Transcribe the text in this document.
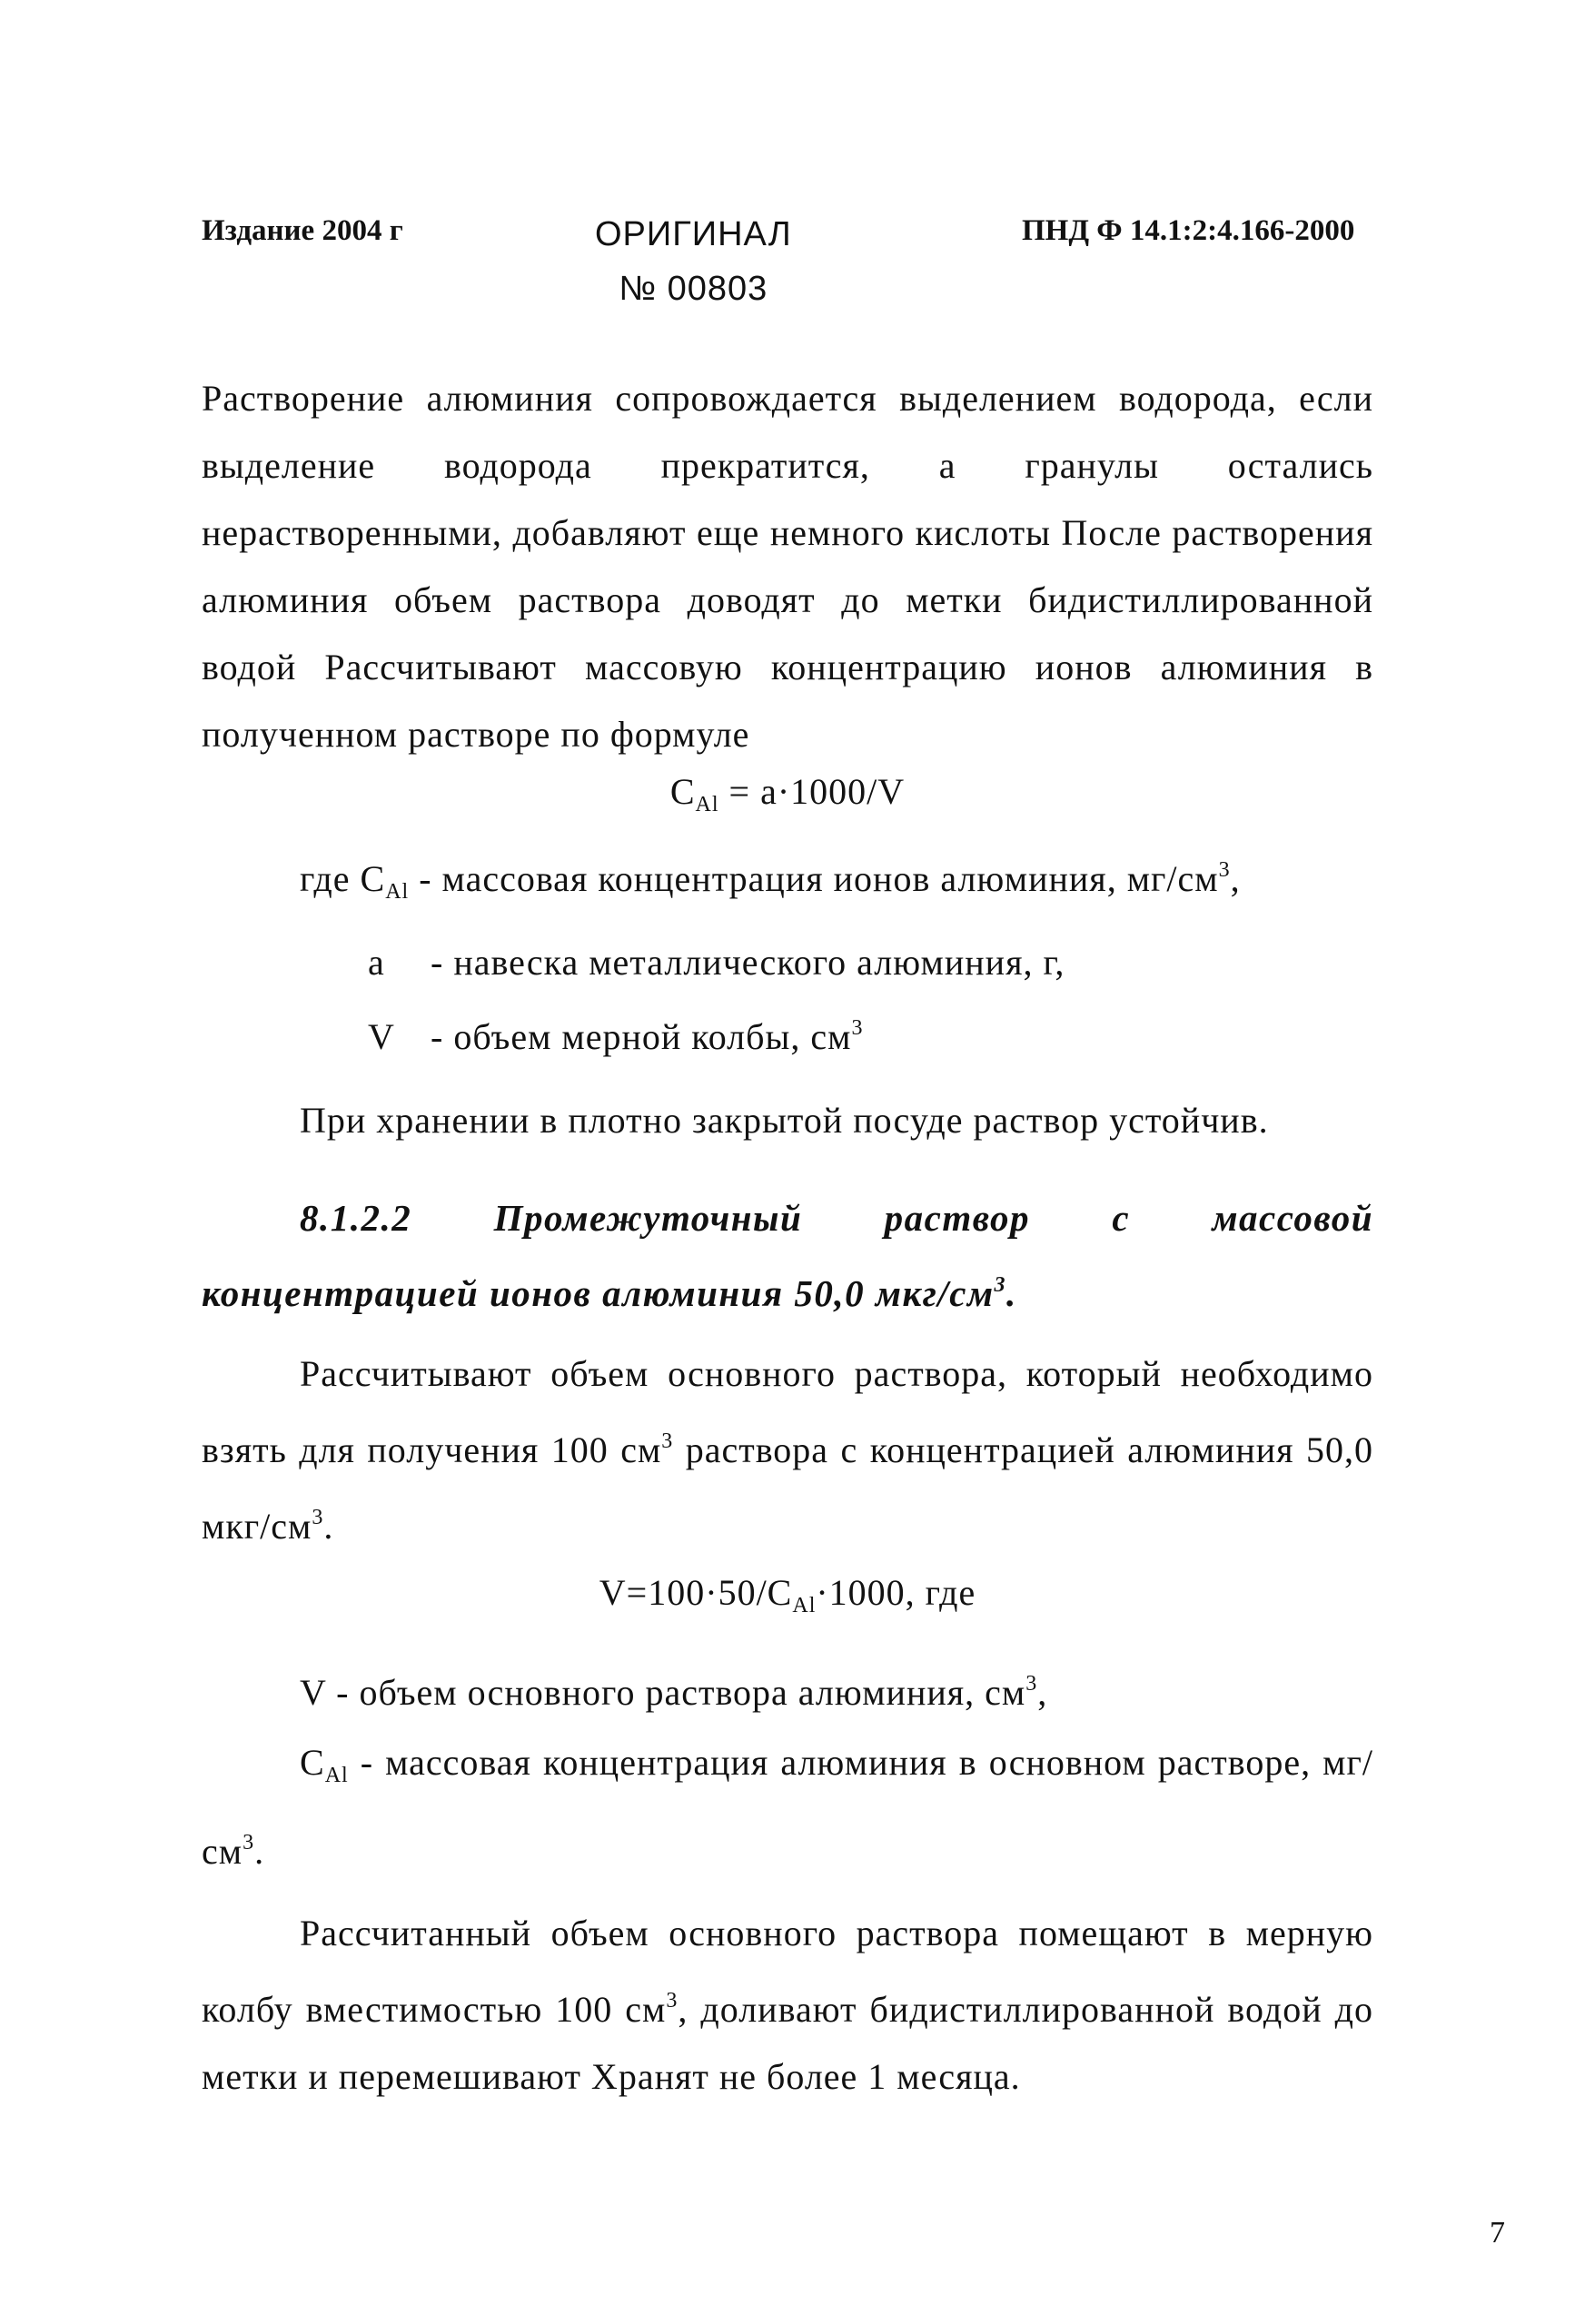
Издание 2004 г	ОРИГИНАЛ
№ 00803
ПНД Ф 14.1:2:4.166-2000
Растворение алюминия сопровождается выделением водорода, если выделение водорода прекратится, а гранулы остались нерастворенными, добавляют еще немного кислоты После растворения алюминия объем раствора доводят до метки бидистиллированной водой Рассчитывают массовую концентрацию ионов алюминия в полученном растворе по формуле
$C_{Al} = a\cdot 1000/V$
где $C_{Al}$ - массовая концентрация ионов алюминия, $мг/см^3$,
a - навеска металлического алюминия, г,
V - объем мерной колбы, $см^3$
При хранении в плотно закрытой посуде раствор устойчив.
8.1.2.2 Промежуточный раствор с массовой концентрацией ионов алюминия 50,0 мкг/$см^3$.
Рассчитывают объем основного раствора, который необходимо взять для получения 100 $см^3$ раствора с концентрацией алюминия 50,0 мкг/$см^3$.
$V=100\cdot 50/C_{Al}\cdot 1000$, где
V - объем основного раствора алюминия, $см^3$,
$C_{Al}$ - массовая концентрация алюминия в основном растворе, $мг/см^3$.
Рассчитанный объем основного раствора помещают в мерную колбу вместимостью 100 $см^3$, доливают бидистиллированной водой до метки и перемешивают Хранят не более 1 месяца.
7
